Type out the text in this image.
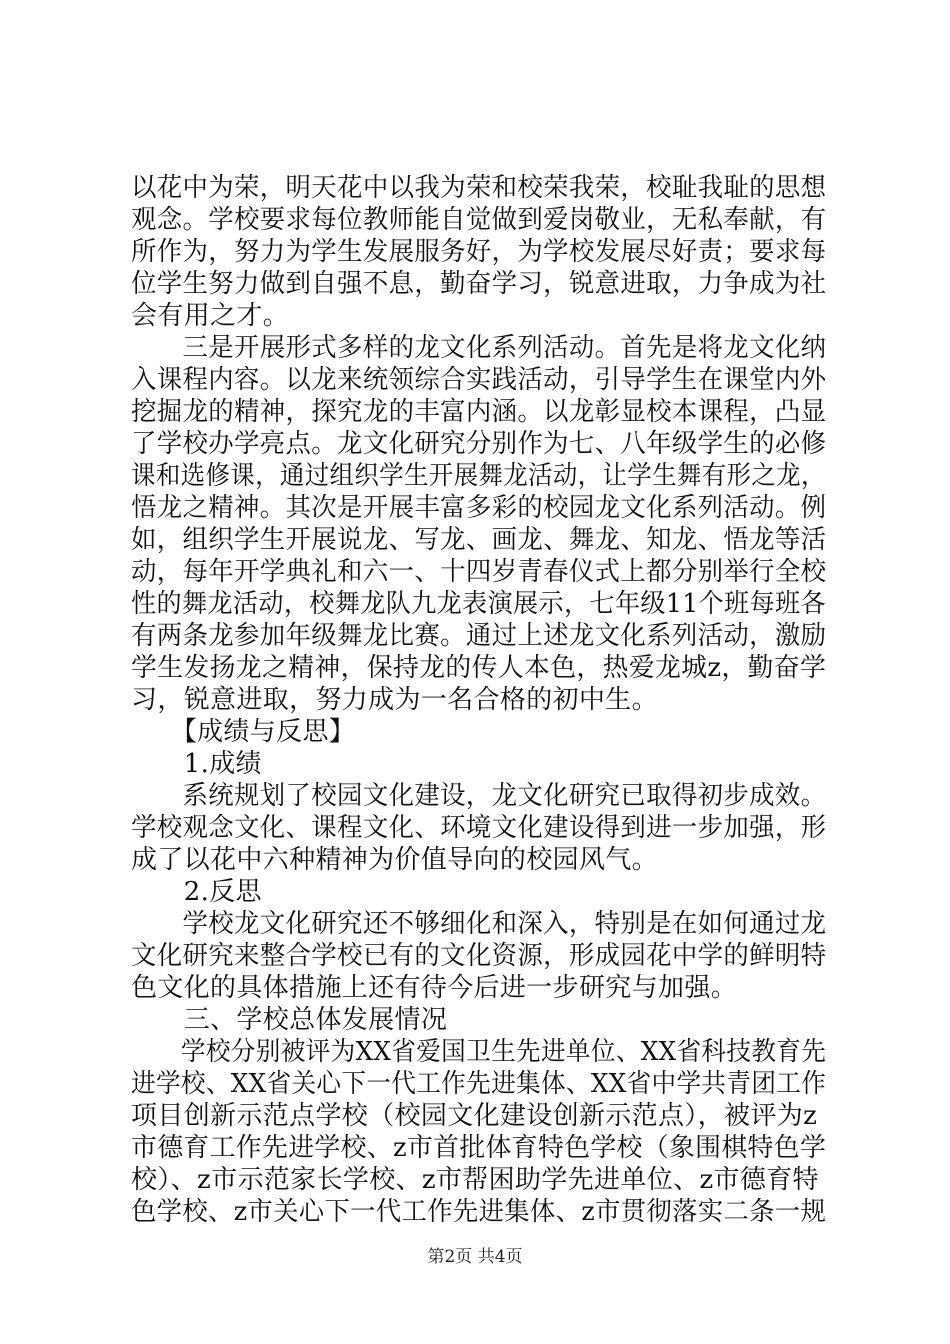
以花中为荣，明天花中以我为荣和校荣我荣，校耻我耻的思想
观念。学校要求每位教师能自觉做到爱岗敬业，无私奉献，有
所作为，努力为学生发展服务好，为学校发展尽好责；要求每
位学生努力做到自强不息，勤奋学习，锐意进取，力争成为社
会有用之才。
　　三是开展形式多样的龙文化系列活动。首先是将龙文化纳
入课程内容。以龙来统领综合实践活动，引导学生在课堂内外
挖掘龙的精神，探究龙的丰富内涵。以龙彰显校本课程，凸显
了学校办学亮点。龙文化研究分别作为七、八年级学生的必修
课和选修课，通过组织学生开展舞龙活动，让学生舞有形之龙，
悟龙之精神。其次是开展丰富多彩的校园龙文化系列活动。例
如，组织学生开展说龙、写龙、画龙、舞龙、知龙、悟龙等活
动，每年开学典礼和六一、十四岁青春仪式上都分别举行全校
性的舞龙活动，校舞龙队九龙表演展示，七年级11个班每班各
有两条龙参加年级舞龙比赛。通过上述龙文化系列活动，激励
学生发扬龙之精神，保持龙的传人本色，热爱龙城z，勤奋学
习，锐意进取，努力成为一名合格的初中生。
　　【成绩与反思】
　　1.成绩
　　系统规划了校园文化建设，龙文化研究已取得初步成效。
学校观念文化、课程文化、环境文化建设得到进一步加强，形
成了以花中六种精神为价值导向的校园风气。
　　2.反思
　　学校龙文化研究还不够细化和深入，特别是在如何通过龙
文化研究来整合学校已有的文化资源，形成园花中学的鲜明特
色文化的具体措施上还有待今后进一步研究与加强。
　　三、学校总体发展情况
　　学校分别被评为XX省爱国卫生先进单位、XX省科技教育先
进学校、XX省关心下一代工作先进集体、XX省中学共青团工作
项目创新示范点学校（校园文化建设创新示范点），被评为z
市德育工作先进学校、z市首批体育特色学校（象围棋特色学
校）、z市示范家长学校、z市帮困助学先进单位、z市德育特
色学校、z市关心下一代工作先进集体、z市贯彻落实二条一规
第2页 共4页
